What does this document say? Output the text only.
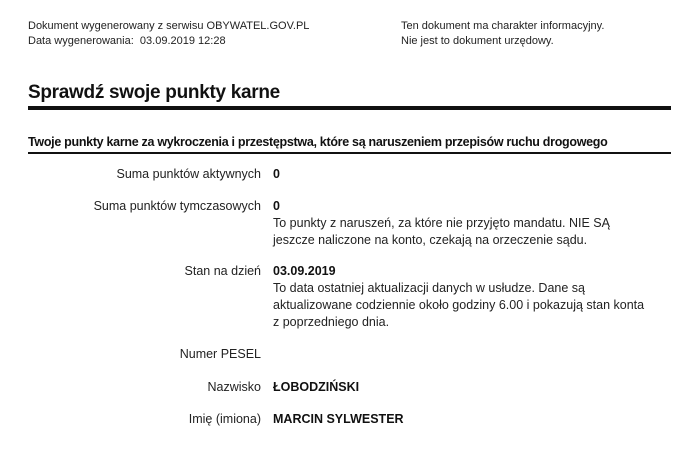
Dokument wygenerowany z serwisu OBYWATEL.GOV.PL
Data wygenerowania: 03.09.2019 12:28
Ten dokument ma charakter informacyjny.
Nie jest to dokument urzędowy.
Sprawdź swoje punkty karne
Twoje punkty karne za wykroczenia i przestępstwa, które są naruszeniem przepisów ruchu drogowego
Suma punktów aktywnych 0
Suma punktów tymczasowych 0
To punkty z naruszeń, za które nie przyjęto mandatu. NIE SĄ
jeszcze naliczone na konto, czekają na orzeczenie sądu.
Stan na dzień 03.09.2019
To data ostatniej aktualizacji danych w usłudze. Dane są
aktualizowane codziennie około godziny 6.00 i pokazują stan konta
z poprzedniego dnia.
Numer PESEL
Nazwisko ŁOBODZIŃSKI
Imię (imiona) MARCIN SYLWESTER
